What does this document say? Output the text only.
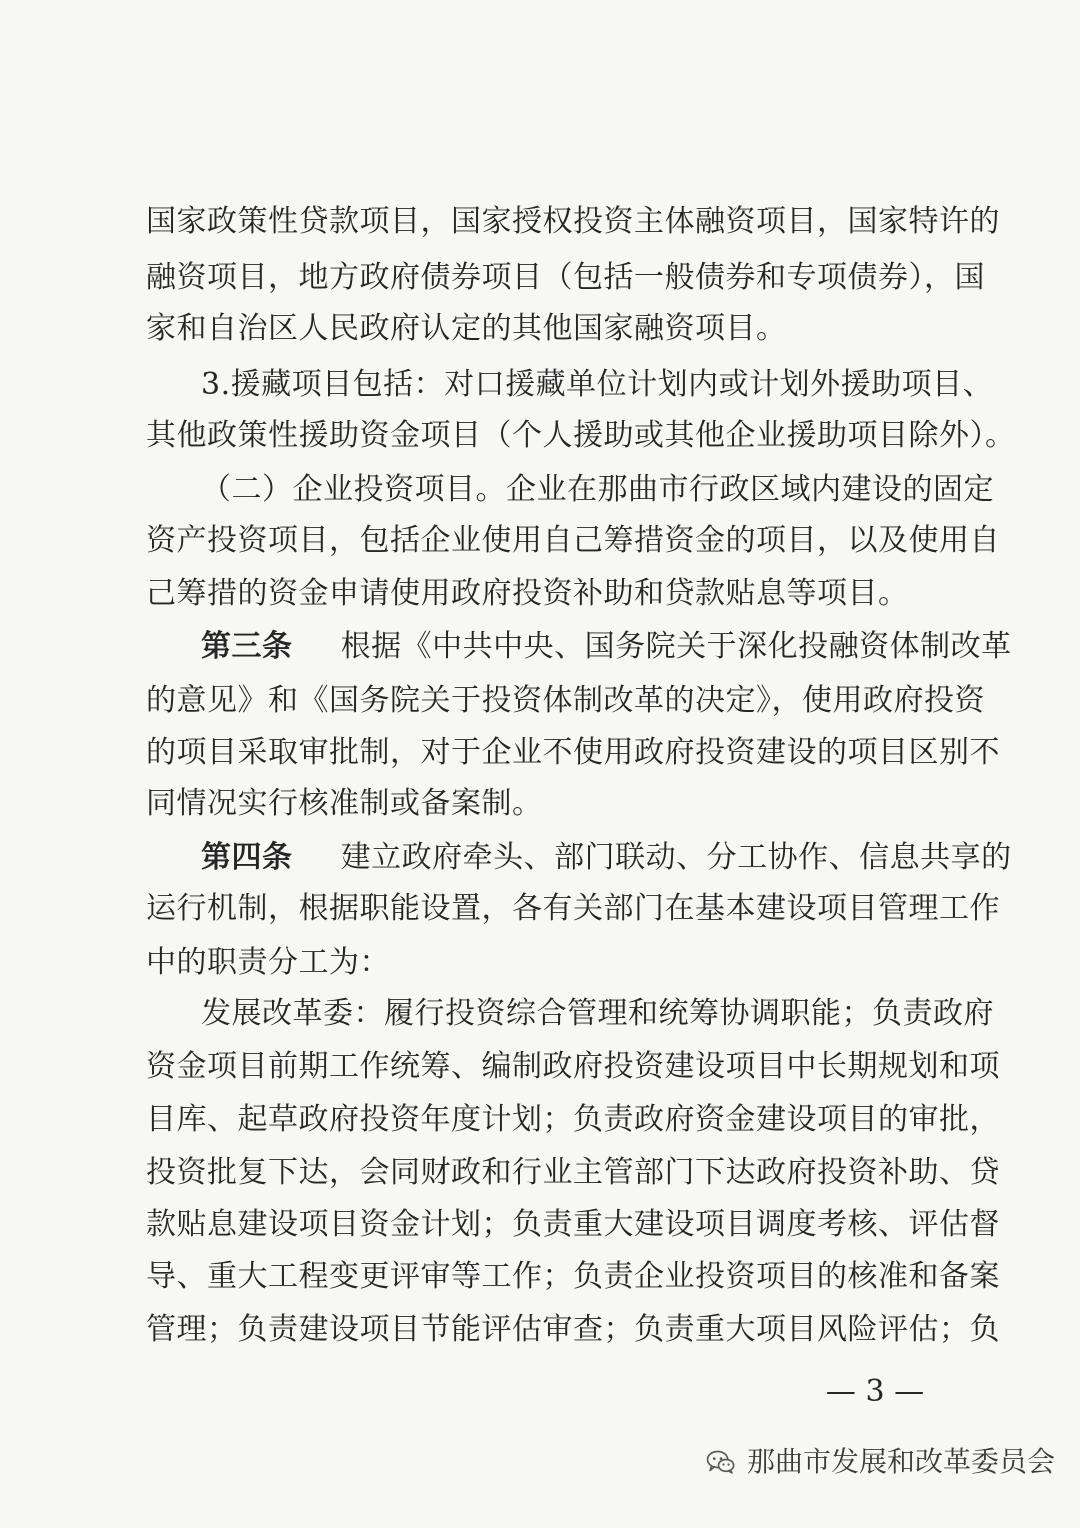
国家政策性贷款项目，国家授权投资主体融资项目，国家特许的
融资项目，地方政府债券项目（包括一般债券和专项债券），国
家和自治区人民政府认定的其他国家融资项目。
3.援藏项目包括：对口援藏单位计划内或计划外援助项目、
其他政策性援助资金项目（个人援助或其他企业援助项目除外）。
（二）企业投资项目。企业在那曲市行政区域内建设的固定
资产投资项目，包括企业使用自己筹措资金的项目，以及使用自
己筹措的资金申请使用政府投资补助和贷款贴息等项目。
第三条 根据《中共中央、国务院关于深化投融资体制改革
的意见》和《国务院关于投资体制改革的决定》，使用政府投资
的项目采取审批制，对于企业不使用政府投资建设的项目区别不
同情况实行核准制或备案制。
第四条 建立政府牵头、部门联动、分工协作、信息共享的
运行机制，根据职能设置，各有关部门在基本建设项目管理工作
中的职责分工为：
发展改革委：履行投资综合管理和统筹协调职能；负责政府
资金项目前期工作统筹、编制政府投资建设项目中长期规划和项
目库、起草政府投资年度计划；负责政府资金建设项目的审批，
投资批复下达，会同财政和行业主管部门下达政府投资补助、贷
款贴息建设项目资金计划；负责重大建设项目调度考核、评估督
导、重大工程变更评审等工作；负责企业投资项目的核准和备案
管理；负责建设项目节能评估审查；负责重大项目风险评估；负
— 3 —
那曲市发展和改革委员会
